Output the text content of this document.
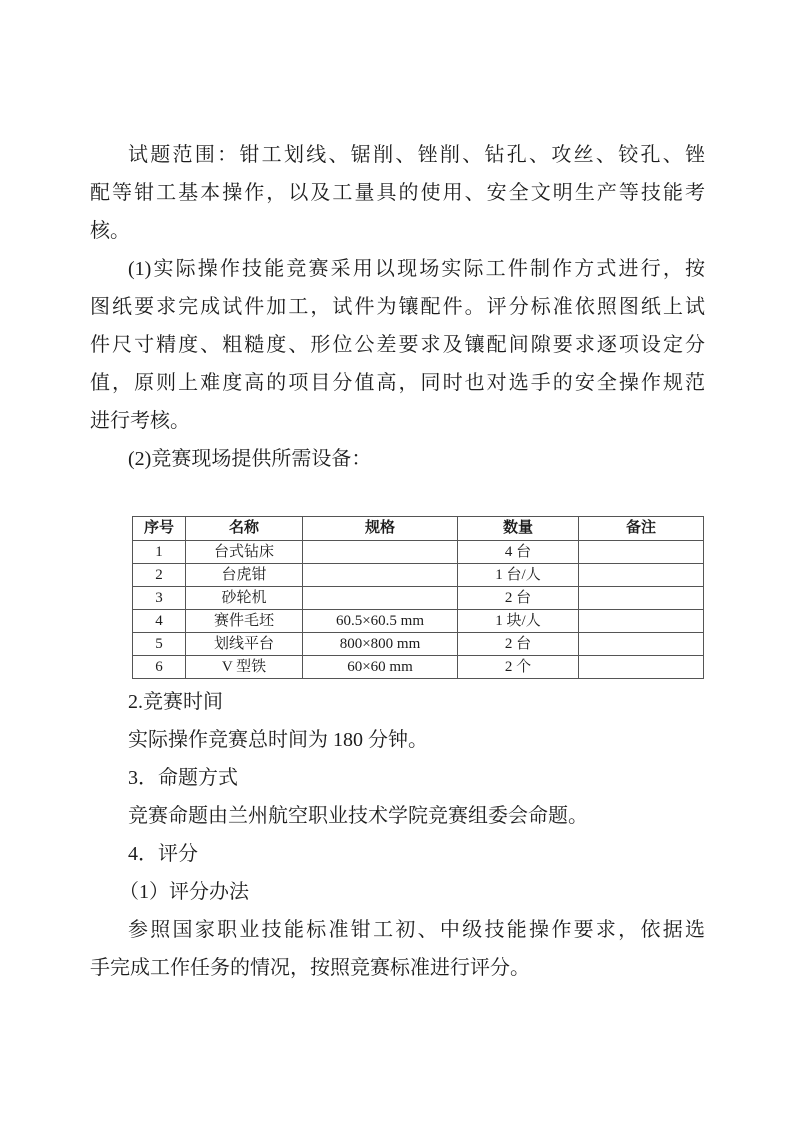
试题范围：钳工划线、锯削、锉削、钻孔、攻丝、铰孔、锉
配等钳工基本操作，以及工量具的使用、安全文明生产等技能考
核。
(1)实际操作技能竞赛采用以现场实际工件制作方式进行，按
图纸要求完成试件加工，试件为镶配件。评分标准依照图纸上试
件尺寸精度、粗糙度、形位公差要求及镶配间隙要求逐项设定分
值，原则上难度高的项目分值高，同时也对选手的安全操作规范
进行考核。
(2)竞赛现场提供所需设备：
序号	名称	规格	数量	备注
1	台式钻床		4 台	
2	台虎钳		1 台/人	
3	砂轮机		2 台	
4	赛件毛坯	60.5×60.5 mm	1 块/人	
5	划线平台	800×800 mm	2 台	
6	V 型铁	60×60 mm	2 个	
2.竞赛时间
实际操作竞赛总时间为 180 分钟。
3．命题方式
竞赛命题由兰州航空职业技术学院竞赛组委会命题。
4．评分
（1）评分办法
参照国家职业技能标准钳工初、中级技能操作要求，依据选
手完成工作任务的情况，按照竞赛标准进行评分。
